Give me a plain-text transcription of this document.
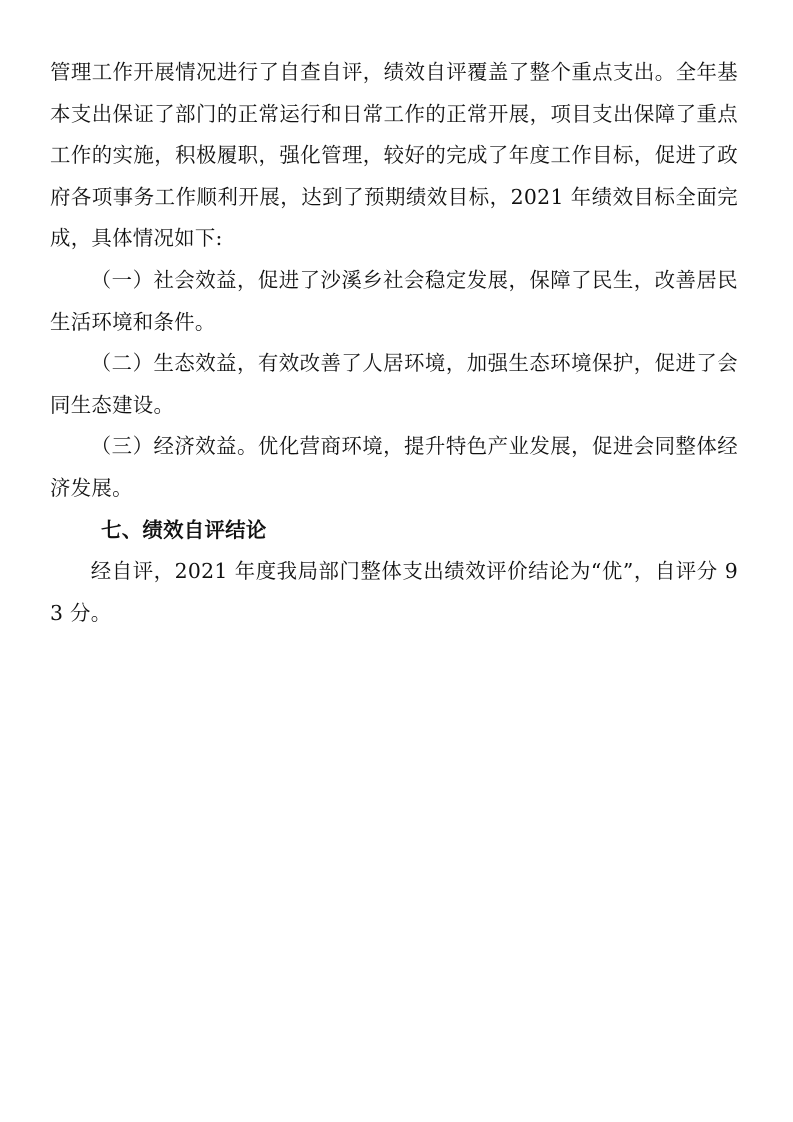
管理工作开展情况进行了自查自评，绩效自评覆盖了整个重点支出。全年基本支出保证了部门的正常运行和日常工作的正常开展，项目支出保障了重点工作的实施，积极履职，强化管理，较好的完成了年度工作目标，促进了政府各项事务工作顺利开展，达到了预期绩效目标，2021 年绩效目标全面完成，具体情况如下:

（一）社会效益，促进了沙溪乡社会稳定发展，保障了民生，改善居民生活环境和条件。

（二）生态效益，有效改善了人居环境，加强生态环境保护，促进了会同生态建设。

（三）经济效益。优化营商环境，提升特色产业发展，促进会同整体经济发展。

七、绩效自评结论

经自评，2021 年度我局部门整体支出绩效评价结论为“优”，自评分 93 分。
